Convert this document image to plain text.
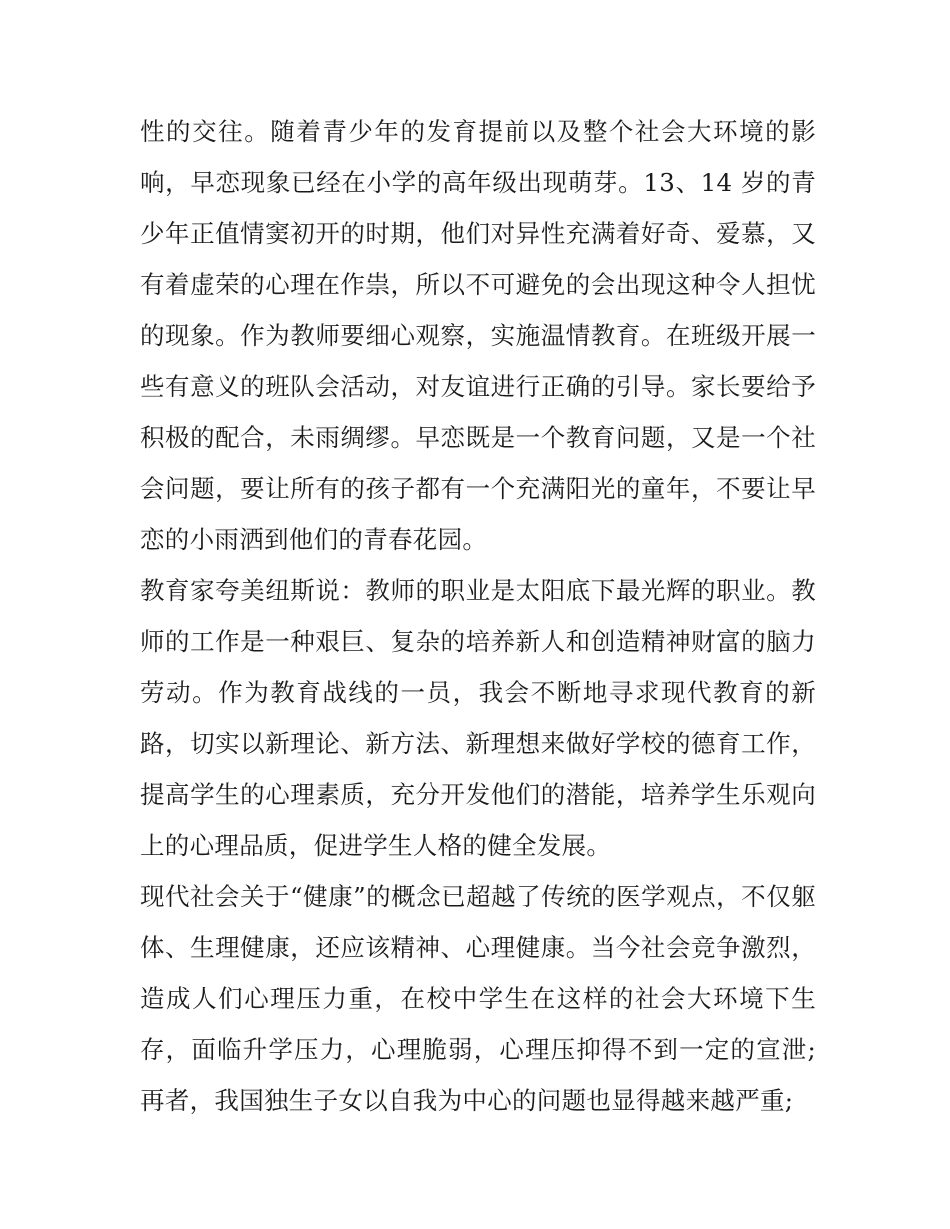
性的交往。随着青少年的发育提前以及整个社会大环境的影响，早恋现象已经在小学的高年级出现萌芽。13、14 岁的青少年正值情窦初开的时期，他们对异性充满着好奇、爱慕，又有着虚荣的心理在作祟，所以不可避免的会出现这种令人担忧的现象。作为教师要细心观察，实施温情教育。在班级开展一些有意义的班队会活动，对友谊进行正确的引导。家长要给予积极的配合，未雨绸缪。早恋既是一个教育问题，又是一个社会问题，要让所有的孩子都有一个充满阳光的童年，不要让早恋的小雨洒到他们的青春花园。

教育家夸美纽斯说：教师的职业是太阳底下最光辉的职业。教师的工作是一种艰巨、复杂的培养新人和创造精神财富的脑力劳动。作为教育战线的一员，我会不断地寻求现代教育的新路，切实以新理论、新方法、新理想来做好学校的德育工作，提高学生的心理素质，充分开发他们的潜能，培养学生乐观向上的心理品质，促进学生人格的健全发展。

现代社会关于“健康”的概念已超越了传统的医学观点，不仅躯体、生理健康，还应该精神、心理健康。当今社会竞争激烈，造成人们心理压力重，在校中学生在这样的社会大环境下生存，面临升学压力，心理脆弱，心理压抑得不到一定的宣泄;再者，我国独生子女以自我为中心的问题也显得越来越严重;
